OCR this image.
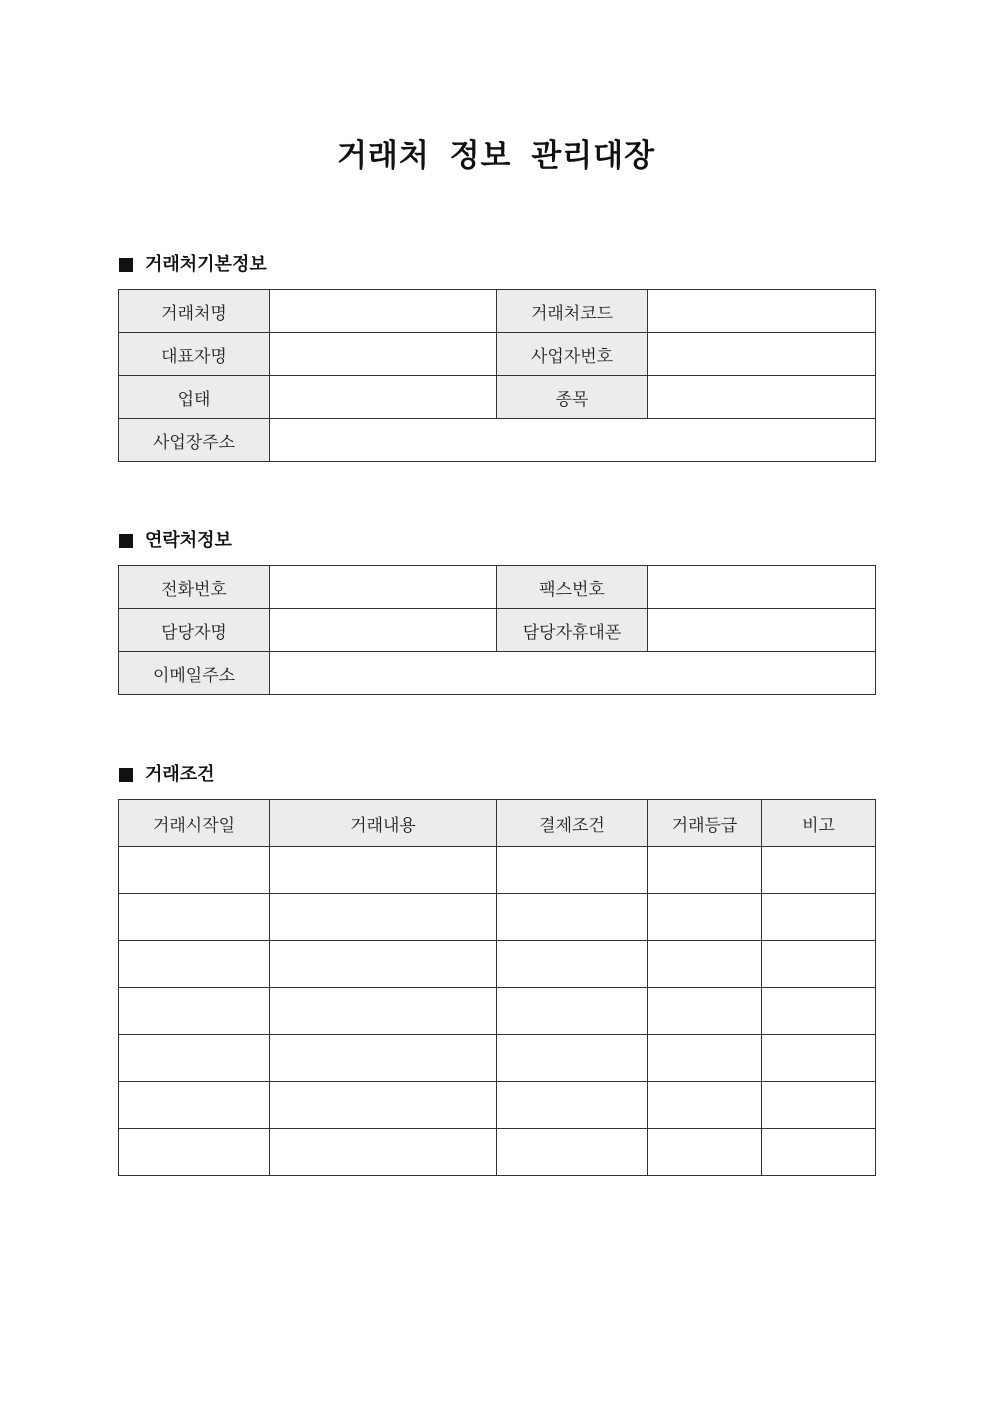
거래처 정보 관리대장
거래처기본정보
거래처명		거래처코드	
대표자명		사업자번호	
업태		종목	
사업장주소			
연락처정보
전화번호		팩스번호	
담당자명		담당자휴대폰	
이메일주소			
거래조건
거래시작일	거래내용	결제조건	거래등급	비고
